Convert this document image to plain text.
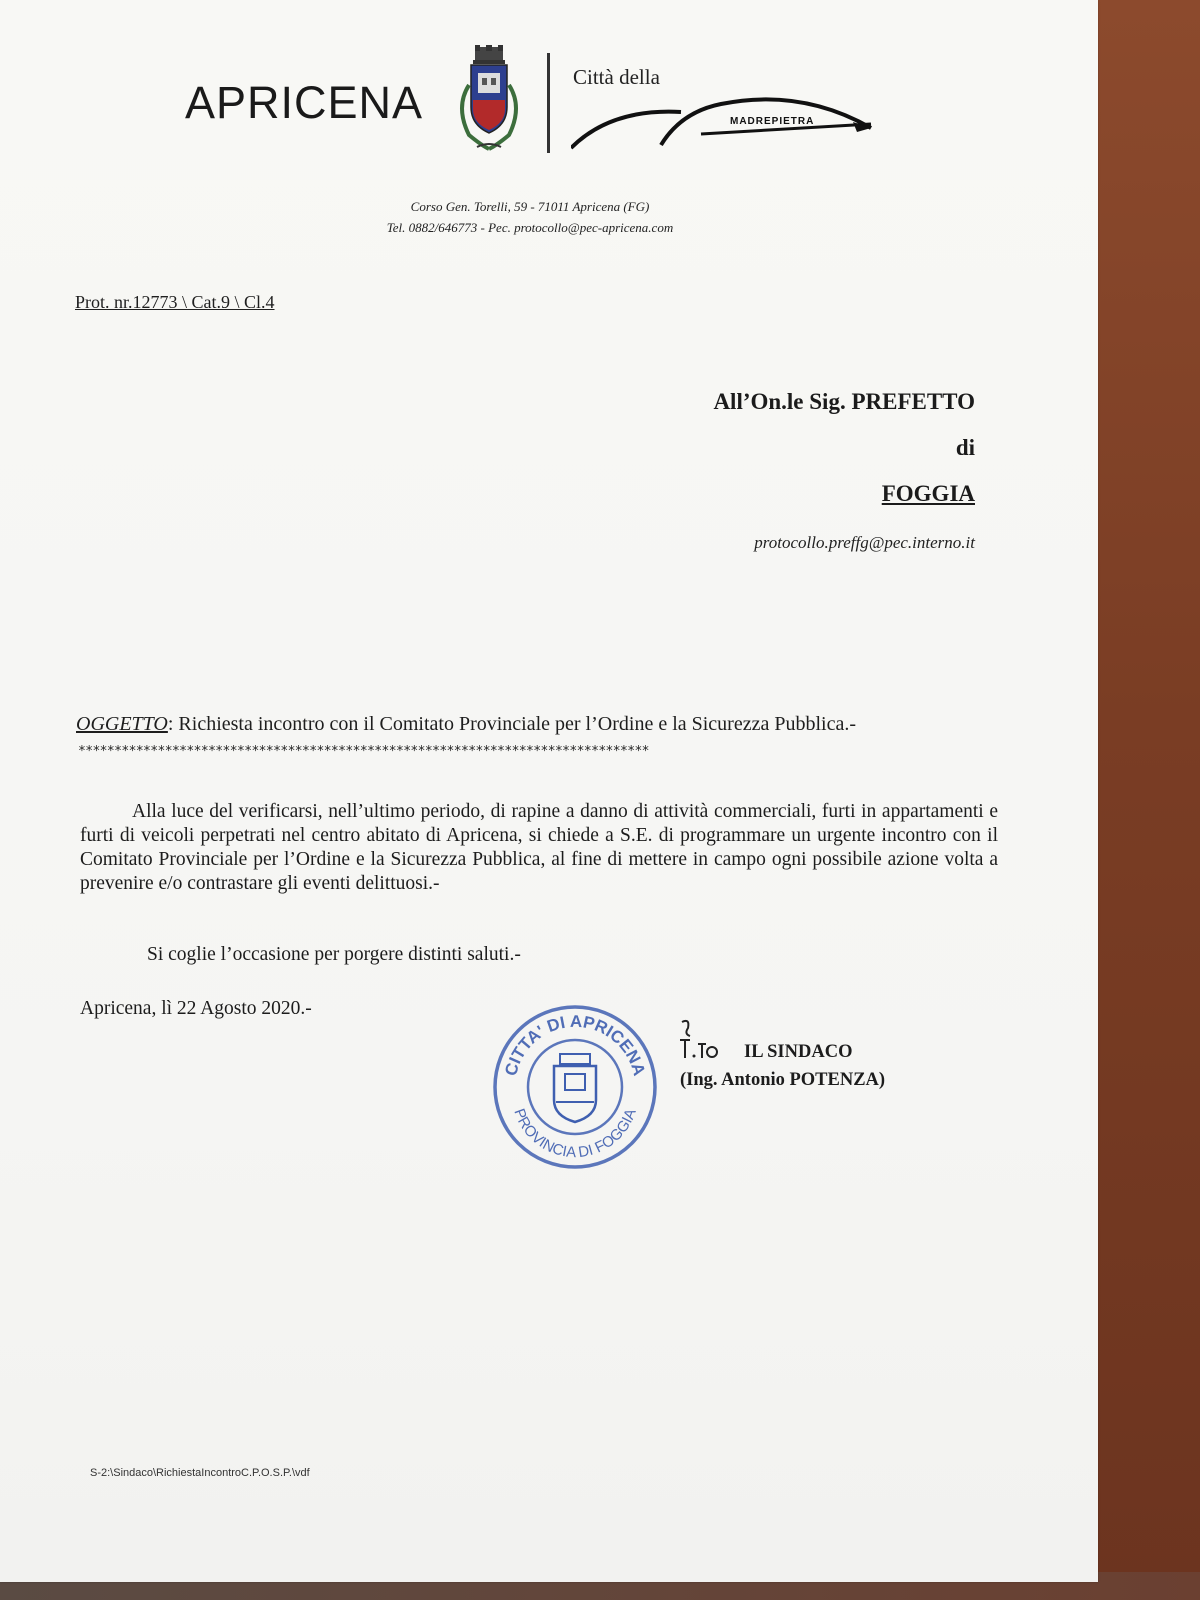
APRICENA	Città della
MADREPIETRA
Corso Gen. Torelli, 59 - 71011 Apricena (FG)
Tel. 0882/646773 - Pec. protocollo@pec-apricena.com
Prot. nr.12773 \ Cat.9 \ Cl.4
All’On.le Sig. PREFETTO
di
FOGGIA
protocollo.preffg@pec.interno.it
OGGETTO: Richiesta incontro con il Comitato Provinciale per l’Ordine e la Sicurezza Pubblica.-
*******************************************************************************

Alla luce del verificarsi, nell’ultimo periodo, di rapine a danno di attività commerciali, furti in appartamenti e furti di veicoli perpetrati nel centro abitato di Apricena, si chiede a S.E. di programmare un urgente incontro con il Comitato Provinciale per l’Ordine e la Sicurezza Pubblica, al fine di mettere in campo ogni possibile azione volta a prevenire e/o contrastare gli eventi delittuosi.-

Si coglie l’occasione per porgere distinti saluti.-
Apricena, lì 22 Agosto 2020.-
CITTA' DI APRICENA
PROVINCIA DI FOGGIA
IL SINDACO
(Ing. Antonio POTENZA)
S-2:\Sindaco\RichiestaIncontroC.P.O.S.P.\vdf
